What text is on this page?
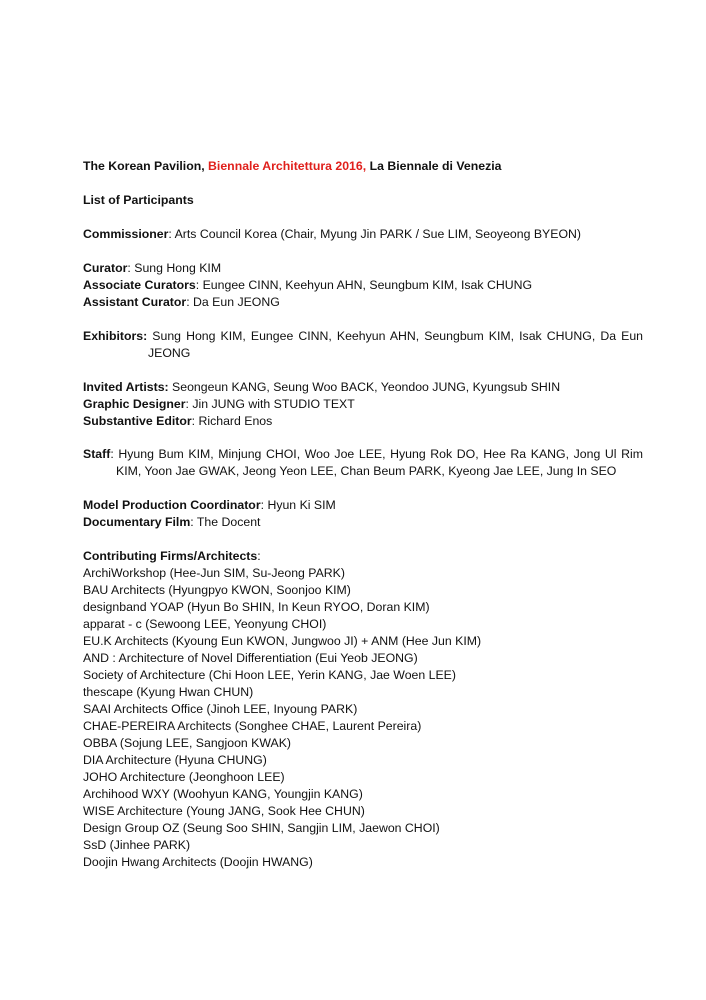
The Korean Pavilion, Biennale Architettura 2016, La Biennale di Venezia
List of Participants
Commissioner: Arts Council Korea (Chair, Myung Jin PARK / Sue LIM, Seoyeong BYEON)
Curator: Sung Hong KIM
Associate Curators: Eungee CINN, Keehyun AHN, Seungbum KIM, Isak CHUNG
Assistant Curator: Da Eun JEONG
Exhibitors: Sung Hong KIM, Eungee CINN, Keehyun AHN, Seungbum KIM, Isak CHUNG, Da Eun JEONG
Invited Artists: Seongeun KANG, Seung Woo BACK, Yeondoo JUNG, Kyungsub SHIN
Graphic Designer: Jin JUNG with STUDIO TEXT
Substantive Editor: Richard Enos
Staff: Hyung Bum KIM, Minjung CHOI, Woo Joe LEE, Hyung Rok DO, Hee Ra KANG, Jong Ul Rim KIM, Yoon Jae GWAK, Jeong Yeon LEE, Chan Beum PARK, Kyeong Jae LEE, Jung In SEO
Model Production Coordinator: Hyun Ki SIM
Documentary Film: The Docent
Contributing Firms/Architects:
ArchiWorkshop (Hee-Jun SIM, Su-Jeong PARK)
BAU Architects (Hyungpyo KWON, Soonjoo KIM)
designband YOAP (Hyun Bo SHIN, In Keun RYOO, Doran KIM)
apparat - c (Sewoong LEE, Yeonyung CHOI)
EU.K Architects (Kyoung Eun KWON, Jungwoo JI) + ANM (Hee Jun KIM)
AND : Architecture of Novel Differentiation (Eui Yeob JEONG)
Society of Architecture (Chi Hoon LEE, Yerin KANG, Jae Woen LEE)
thescape (Kyung Hwan CHUN)
SAAI Architects Office (Jinoh LEE, Inyoung PARK)
CHAE-PEREIRA Architects (Songhee CHAE, Laurent Pereira)
OBBA (Sojung LEE, Sangjoon KWAK)
DIA Architecture (Hyuna CHUNG)
JOHO Architecture (Jeonghoon LEE)
Archihood WXY (Woohyun KANG, Youngjin KANG)
WISE Architecture (Young JANG, Sook Hee CHUN)
Design Group OZ (Seung Soo SHIN, Sangjin LIM, Jaewon CHOI)
SsD (Jinhee PARK)
Doojin Hwang Architects (Doojin HWANG)
